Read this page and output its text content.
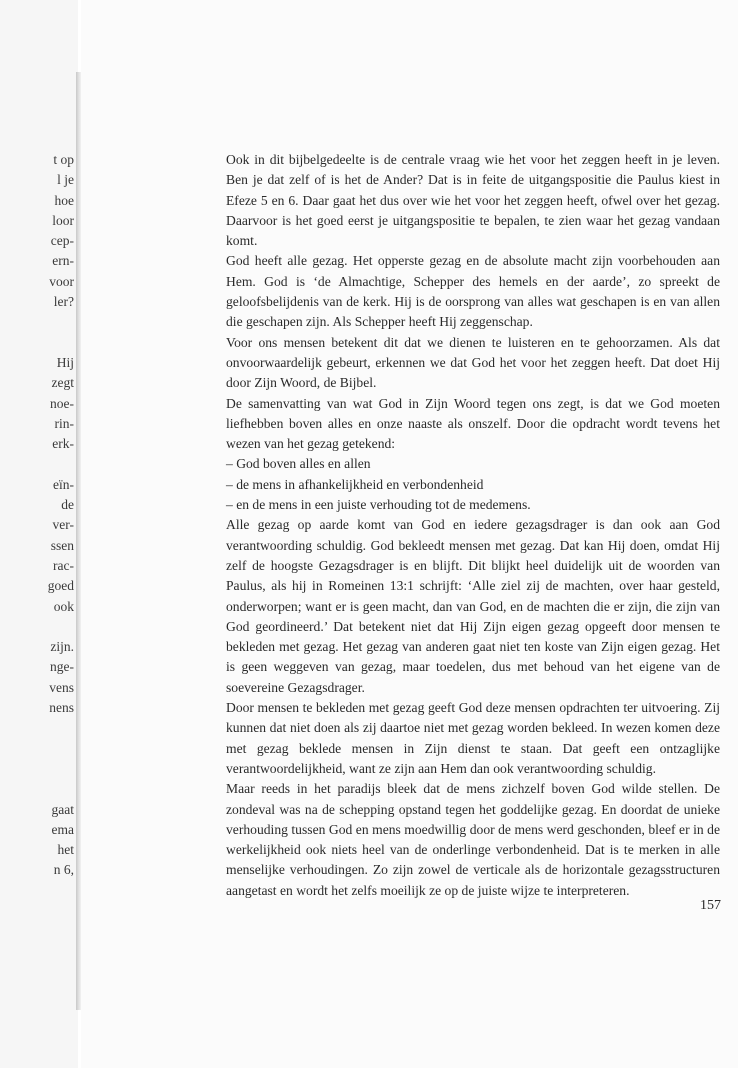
t op
l je
hoe
loor
cep-
ern-
voor
ler?
Hij
zegt
noe-
rin-
erk-
eïn-
de
ver-
ssen
rac-
goed
ook
zijn.
nge-
vens
nens
gaat
ema
het
n 6,

Ook in dit bijbelgedeelte is de centrale vraag wie het voor het zeggen heeft in je leven. Ben je dat zelf of is het de Ander? Dat is in feite de uitgangspositie die Paulus kiest in Efeze 5 en 6. Daar gaat het dus over wie het voor het zeggen heeft, ofwel over het gezag. Daarvoor is het goed eerst je uitgangspositie te bepalen, te zien waar het gezag vandaan komt.

God heeft alle gezag. Het opperste gezag en de absolute macht zijn voorbehouden aan Hem. God is ‘de Almachtige, Schepper des hemels en der aarde’, zo spreekt de geloofsbelijdenis van de kerk. Hij is de oorsprong van alles wat geschapen is en van allen die geschapen zijn. Als Schepper heeft Hij zeggenschap.

Voor ons mensen betekent dit dat we dienen te luisteren en te gehoorzamen. Als dat onvoorwaardelijk gebeurt, erkennen we dat God het voor het zeggen heeft. Dat doet Hij door Zijn Woord, de Bijbel.

De samenvatting van wat God in Zijn Woord tegen ons zegt, is dat we God moeten liefhebben boven alles en onze naaste als onszelf. Door die opdracht wordt tevens het wezen van het gezag getekend:

– God boven alles en allen
– de mens in afhankelijkheid en verbondenheid
– en de mens in een juiste verhouding tot de medemens.

Alle gezag op aarde komt van God en iedere gezagsdrager is dan ook aan God verantwoording schuldig. God bekleedt mensen met gezag. Dat kan Hij doen, omdat Hij zelf de hoogste Gezagsdrager is en blijft. Dit blijkt heel duidelijk uit de woorden van Paulus, als hij in Romeinen 13:1 schrijft: ‘Alle ziel zij de machten, over haar gesteld, onderworpen; want er is geen macht, dan van God, en de machten die er zijn, die zijn van God geordineerd.’ Dat betekent niet dat Hij Zijn eigen gezag opgeeft door mensen te bekleden met gezag. Het gezag van anderen gaat niet ten koste van Zijn eigen gezag. Het is geen weggeven van gezag, maar toedelen, dus met behoud van het eigene van de soevereine Gezagsdrager.

Door mensen te bekleden met gezag geeft God deze mensen opdrachten ter uitvoering. Zij kunnen dat niet doen als zij daartoe niet met gezag worden bekleed. In wezen komen deze met gezag beklede mensen in Zijn dienst te staan. Dat geeft een ontzaglijke verantwoordelijkheid, want ze zijn aan Hem dan ook verantwoording schuldig.

Maar reeds in het paradijs bleek dat de mens zichzelf boven God wilde stellen. De zondeval was na de schepping opstand tegen het goddelijke gezag. En doordat de unieke verhouding tussen God en mens moedwillig door de mens werd geschonden, bleef er in de werkelijkheid ook niets heel van de onderlinge verbondenheid. Dat is te merken in alle menselijke verhoudingen. Zo zijn zowel de verticale als de horizontale gezagsstructuren aangetast en wordt het zelfs moeilijk ze op de juiste wijze te interpreteren.

157
